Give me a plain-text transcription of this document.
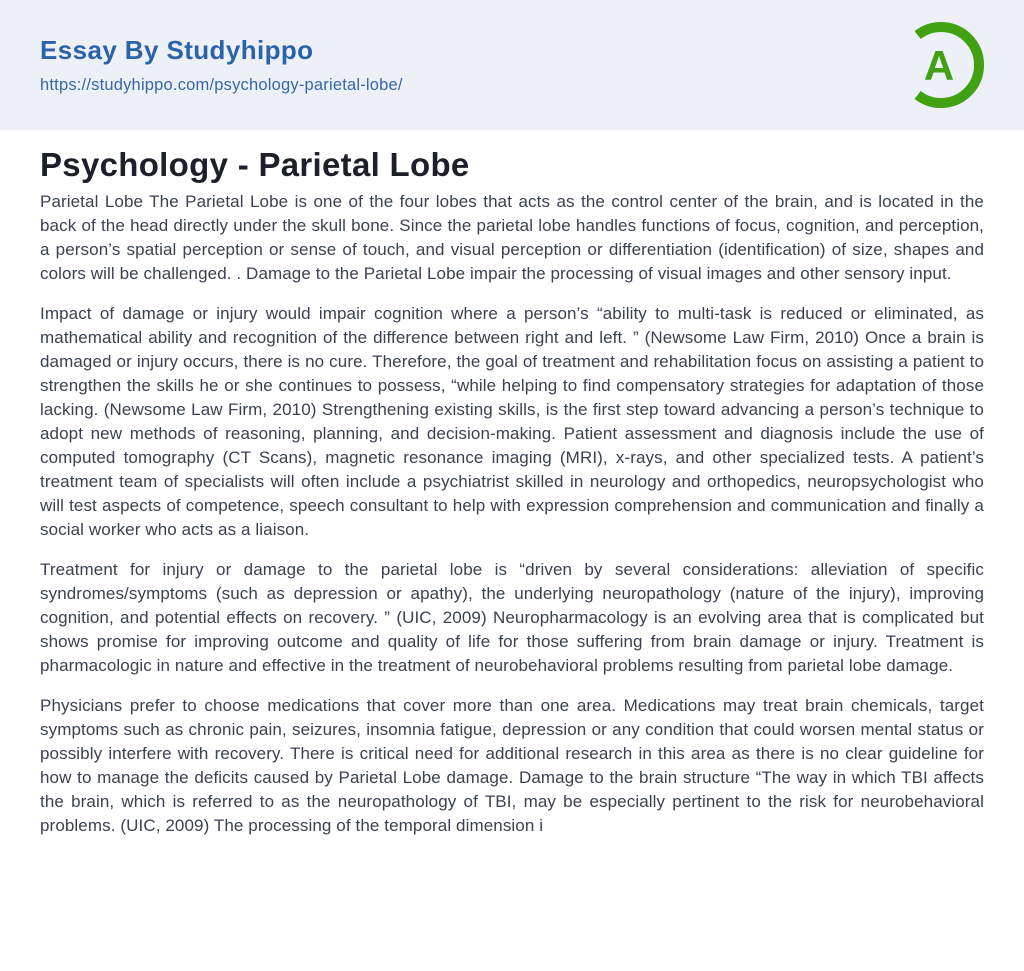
Essay By Studyhippo
https://studyhippo.com/psychology-parietal-lobe/	A
Psychology - Parietal Lobe

Parietal Lobe The Parietal Lobe is one of the four lobes that acts as the control center of the brain, and is located in the back of the head directly under the skull bone. Since the parietal lobe handles functions of focus, cognition, and perception, a person’s spatial perception or sense of touch, and visual perception or differentiation (identification) of size, shapes and colors will be challenged. . Damage to the Parietal Lobe impair the processing of visual images and other sensory input.

Impact of damage or injury would impair cognition where a person’s “ability to multi-task is reduced or eliminated, as mathematical ability and recognition of the difference between right and left. ” (Newsome Law Firm, 2010) Once a brain is damaged or injury occurs, there is no cure. Therefore, the goal of treatment and rehabilitation focus on assisting a patient to strengthen the skills he or she continues to possess, “while helping to find compensatory strategies for adaptation of those lacking. (Newsome Law Firm, 2010) Strengthening existing skills, is the first step toward advancing a person’s technique to adopt new methods of reasoning, planning, and decision-making. Patient assessment and diagnosis include the use of computed tomography (CT Scans), magnetic resonance imaging (MRI), x-rays, and other specialized tests. A patient’s treatment team of specialists will often include a psychiatrist skilled in neurology and orthopedics, neuropsychologist who will test aspects of competence, speech consultant to help with expression comprehension and communication and finally a social worker who acts as a liaison.

Treatment for injury or damage to the parietal lobe is “driven by several considerations: alleviation of specific syndromes/symptoms (such as depression or apathy), the underlying neuropathology (nature of the injury), improving cognition, and potential effects on recovery. ” (UIC, 2009) Neuropharmacology is an evolving area that is complicated but shows promise for improving outcome and quality of life for those suffering from brain damage or injury. Treatment is pharmacologic in nature and effective in the treatment of neurobehavioral problems resulting from parietal lobe damage.

Physicians prefer to choose medications that cover more than one area. Medications may treat brain chemicals, target symptoms such as chronic pain, seizures, insomnia fatigue, depression or any condition that could worsen mental status or possibly interfere with recovery. There is critical need for additional research in this area as there is no clear guideline for how to manage the deficits caused by Parietal Lobe damage. Damage to the brain structure “The way in which TBI affects the brain, which is referred to as the neuropathology of TBI, may be especially pertinent to the risk for neurobehavioral problems. (UIC, 2009) The processing of the temporal dimension i
